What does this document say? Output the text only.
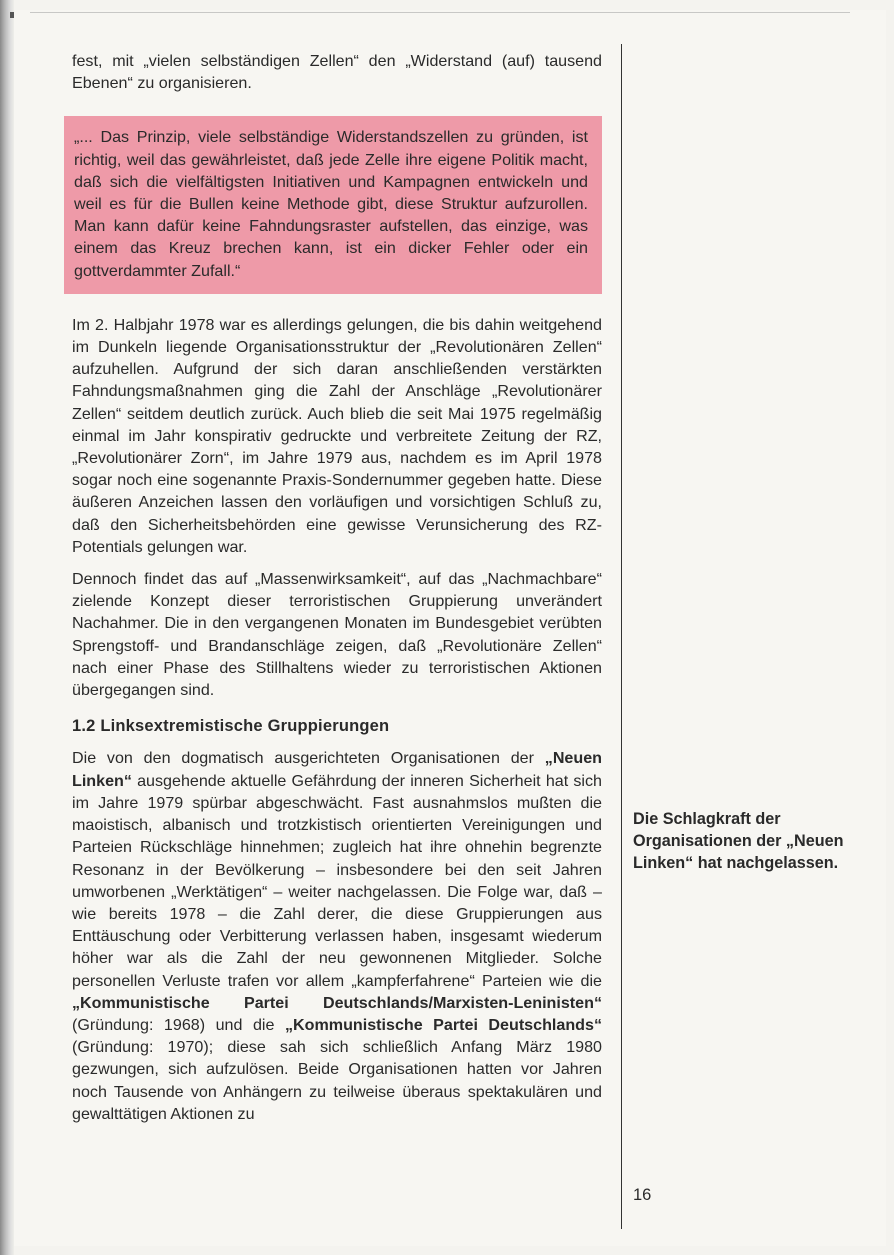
fest, mit „vielen selbständigen Zellen“ den „Widerstand (auf) tausend Ebenen“ zu organisieren.

„... Das Prinzip, viele selbständige Widerstandszellen zu gründen, ist richtig, weil das gewährleistet, daß jede Zelle ihre eigene Politik macht, daß sich die vielfältigsten Initiativen und Kampagnen entwickeln und weil es für die Bullen keine Methode gibt, diese Struktur aufzurollen. Man kann dafür keine Fahndungsraster aufstellen, das einzige, was einem das Kreuz brechen kann, ist ein dicker Fehler oder ein gottverdammter Zufall.“

Im 2. Halbjahr 1978 war es allerdings gelungen, die bis dahin weitgehend im Dunkeln liegende Organisationsstruktur der „Revolutionären Zellen“ aufzuhellen. Aufgrund der sich daran anschließenden verstärkten Fahndungsmaßnahmen ging die Zahl der Anschläge „Revolutionärer Zellen“ seitdem deutlich zurück. Auch blieb die seit Mai 1975 regelmäßig einmal im Jahr konspirativ gedruckte und verbreitete Zeitung der RZ, „Revolutionärer Zorn“, im Jahre 1979 aus, nachdem es im April 1978 sogar noch eine sogenannte Praxis-Sondernummer gegeben hatte. Diese äußeren Anzeichen lassen den vorläufigen und vorsichtigen Schluß zu, daß den Sicherheitsbehörden eine gewisse Verunsicherung des RZ-Potentials gelungen war.

Dennoch findet das auf „Massenwirksamkeit“, auf das „Nachmachbare“ zielende Konzept dieser terroristischen Gruppierung unverändert Nachahmer. Die in den vergangenen Monaten im Bundesgebiet verübten Sprengstoff- und Brandanschläge zeigen, daß „Revolutionäre Zellen“ nach einer Phase des Stillhaltens wieder zu terroristischen Aktionen übergegangen sind.

1.2 Linksextremistische Gruppierungen

Die von den dogmatisch ausgerichteten Organisationen der „Neuen Linken“ ausgehende aktuelle Gefährdung der inneren Sicherheit hat sich im Jahre 1979 spürbar abgeschwächt. Fast ausnahmslos mußten die maoistisch, albanisch und trotzkistisch orientierten Vereinigungen und Parteien Rückschläge hinnehmen; zugleich hat ihre ohnehin begrenzte Resonanz in der Bevölkerung – insbesondere bei den seit Jahren umworbenen „Werktätigen“ – weiter nachgelassen. Die Folge war, daß – wie bereits 1978 – die Zahl derer, die diese Gruppierungen aus Enttäuschung oder Verbitterung verlassen haben, insgesamt wiederum höher war als die Zahl der neu gewonnenen Mitglieder. Solche personellen Verluste trafen vor allem „kampferfahrene“ Parteien wie die „Kommunistische Partei Deutschlands/Marxisten-Leninisten“ (Gründung: 1968) und die „Kommunistische Partei Deutschlands“ (Gründung: 1970); diese sah sich schließlich Anfang März 1980 gezwungen, sich aufzulösen. Beide Organisationen hatten vor Jahren noch Tausende von Anhängern zu teilweise überaus spektakulären und gewalttätigen Aktionen zu

Die Schlagkraft der Organisationen der „Neuen Linken“ hat nachgelassen.
16
